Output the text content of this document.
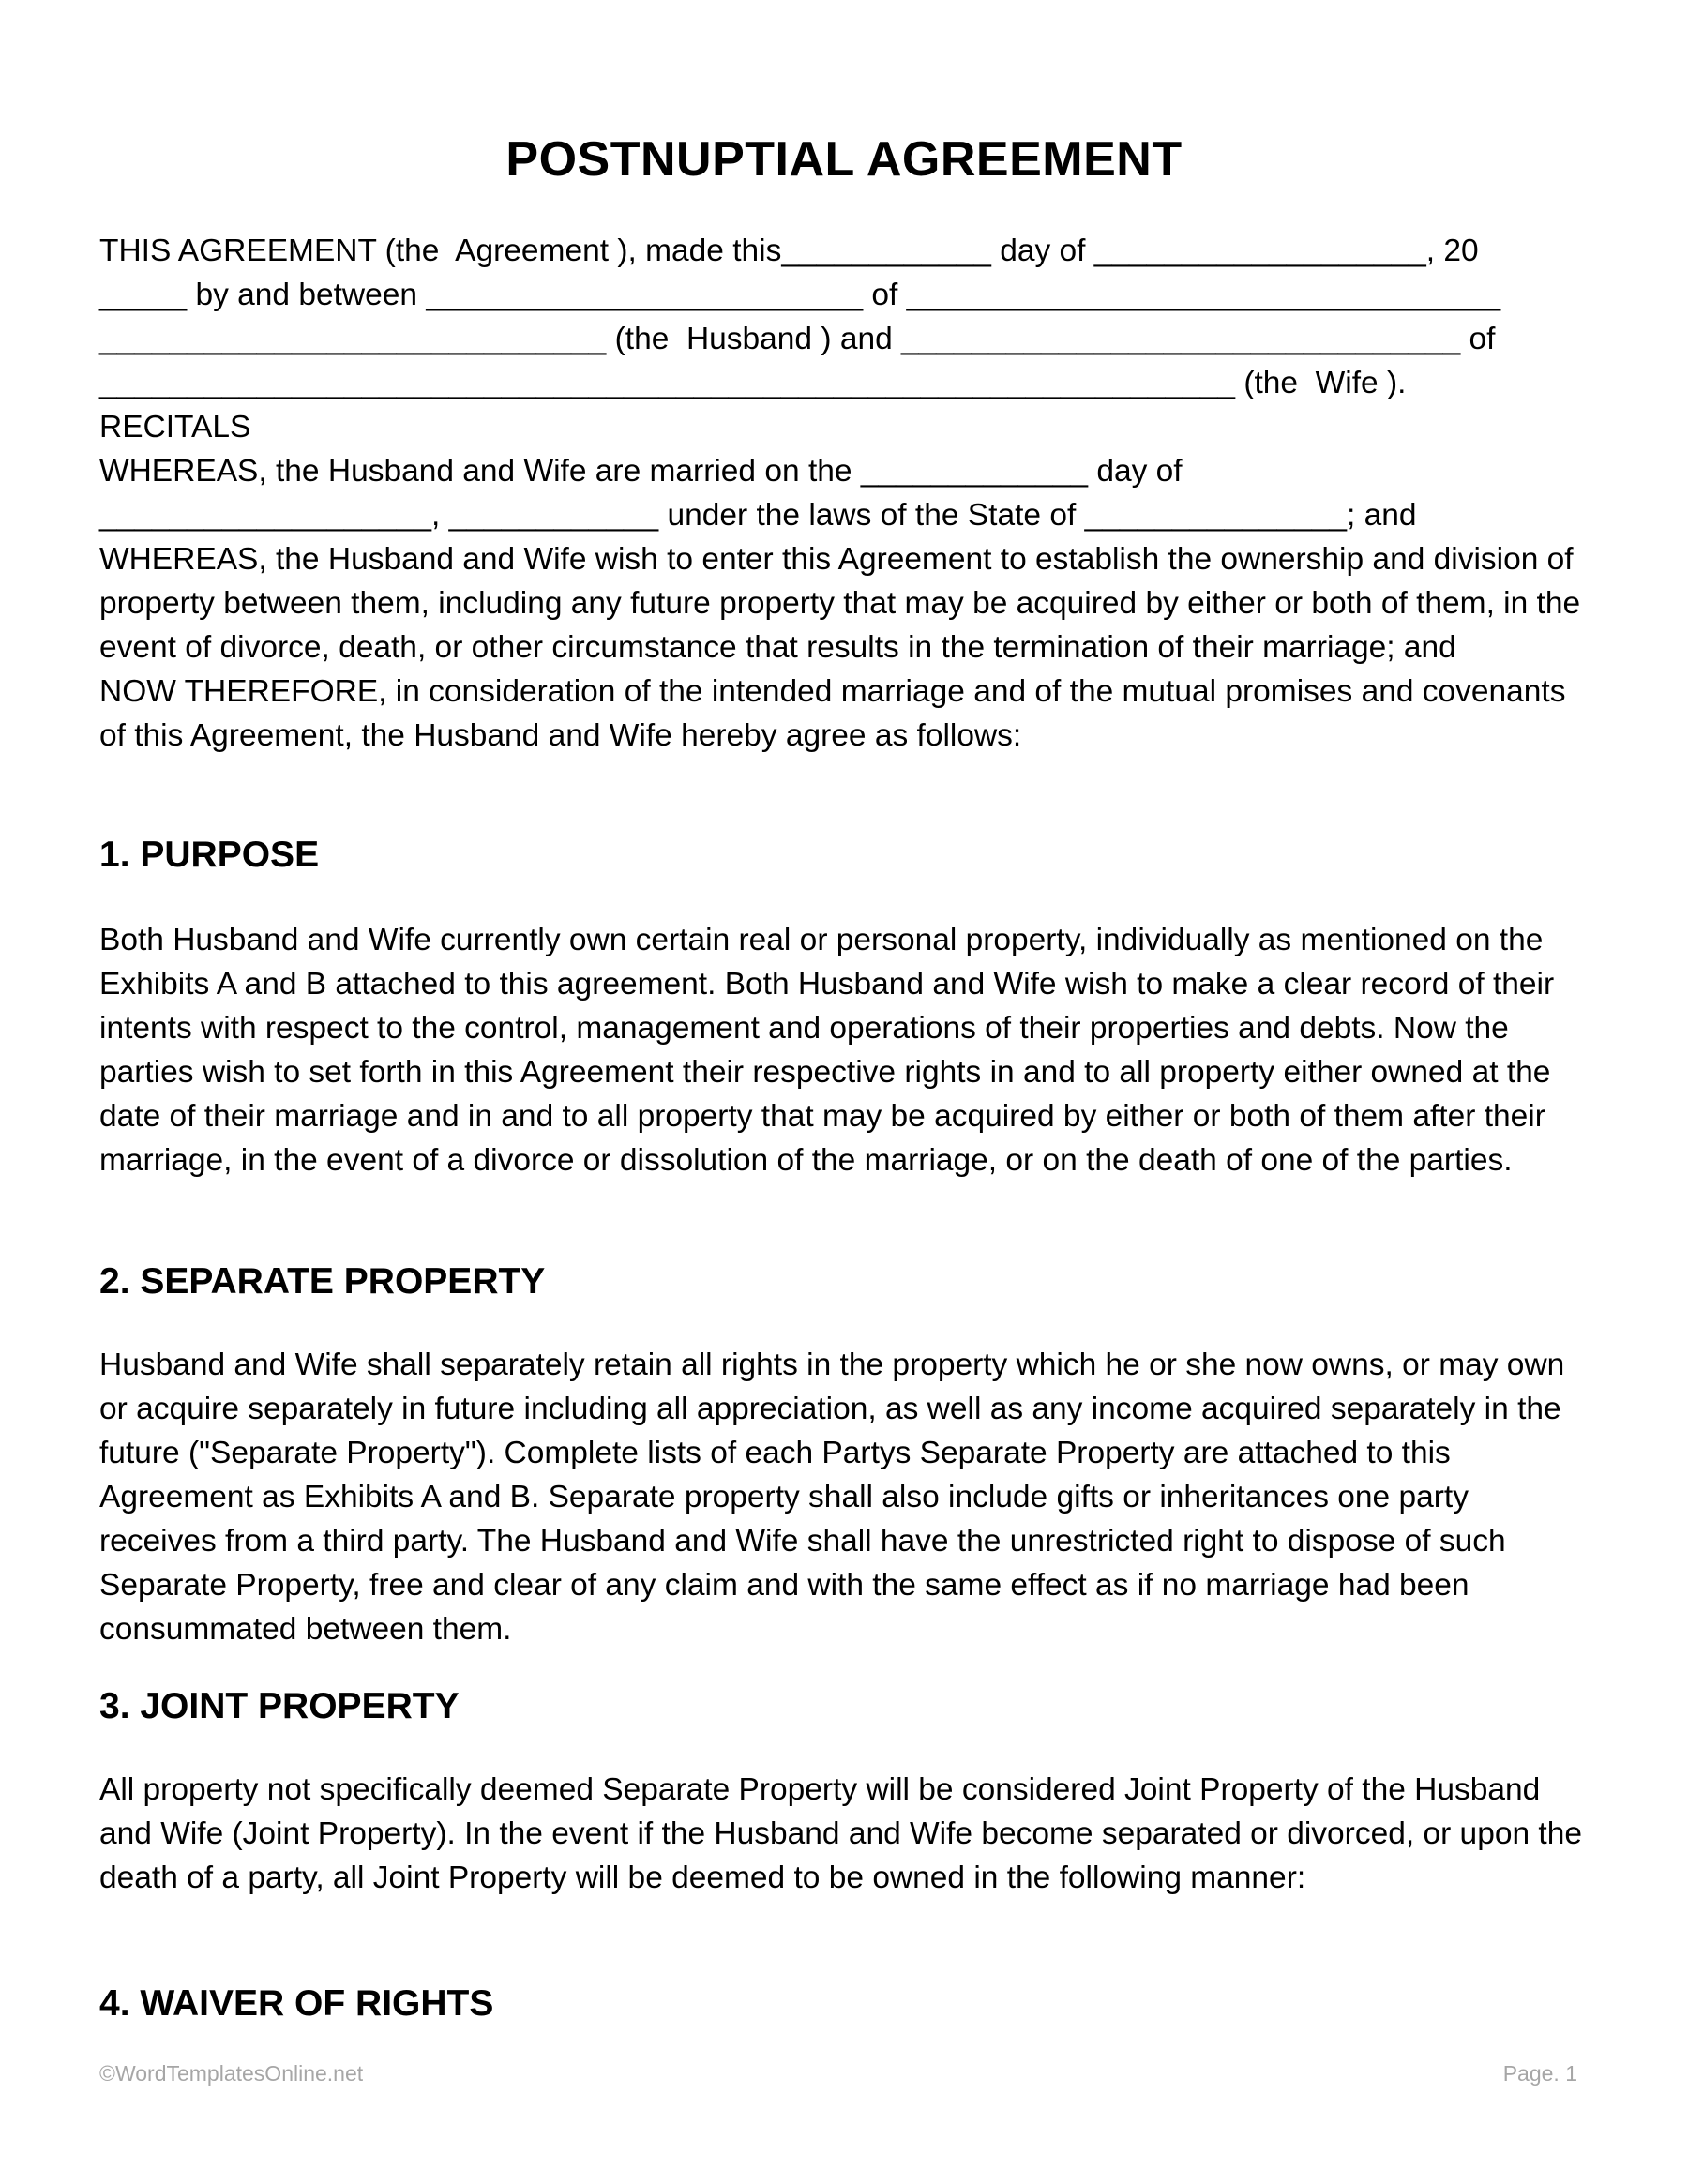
POSTNUPTIAL AGREEMENT
THIS AGREEMENT (the  Agreement ), made this____________ day of ___________________, 20
_____ by and between _________________________ of __________________________________
_____________________________ (the  Husband ) and ________________________________ of
_________________________________________________________________ (the  Wife ).
RECITALS
WHEREAS, the Husband and Wife are married on the _____________ day of
___________________, ____________ under the laws of the State of _______________; and

WHEREAS, the Husband and Wife wish to enter this Agreement to establish the ownership and division of property between them, including any future property that may be acquired by either or both of them, in the event of divorce, death, or other circumstance that results in the termination of their marriage; and

NOW THEREFORE, in consideration of the intended marriage and of the mutual promises and covenants of this Agreement, the Husband and Wife hereby agree as follows:

1. PURPOSE

Both Husband and Wife currently own certain real or personal property, individually as mentioned on the Exhibits A and B attached to this agreement. Both Husband and Wife wish to make a clear record of their intents with respect to the control, management and operations of their properties and debts. Now the parties wish to set forth in this Agreement their respective rights in and to all property either owned at the date of their marriage and in and to all property that may be acquired by either or both of them after their marriage, in the event of a divorce or dissolution of the marriage, or on the death of one of the parties.

2. SEPARATE PROPERTY

Husband and Wife shall separately retain all rights in the property which he or she now owns, or may own or acquire separately in future including all appreciation, as well as any income acquired separately in the future ("Separate Property"). Complete lists of each Partys Separate Property are attached to this Agreement as Exhibits A and B. Separate property shall also include gifts or inheritances one party receives from a third party. The Husband and Wife shall have the unrestricted right to dispose of such Separate Property, free and clear of any claim and with the same effect as if no marriage had been consummated between them.

3. JOINT PROPERTY

All property not specifically deemed Separate Property will be considered Joint Property of the Husband and Wife (Joint Property). In the event if the Husband and Wife become separated or divorced, or upon the death of a party, all Joint Property will be deemed to be owned in the following manner:

4. WAIVER OF RIGHTS
©WordTemplatesOnline.net	Page. 1
